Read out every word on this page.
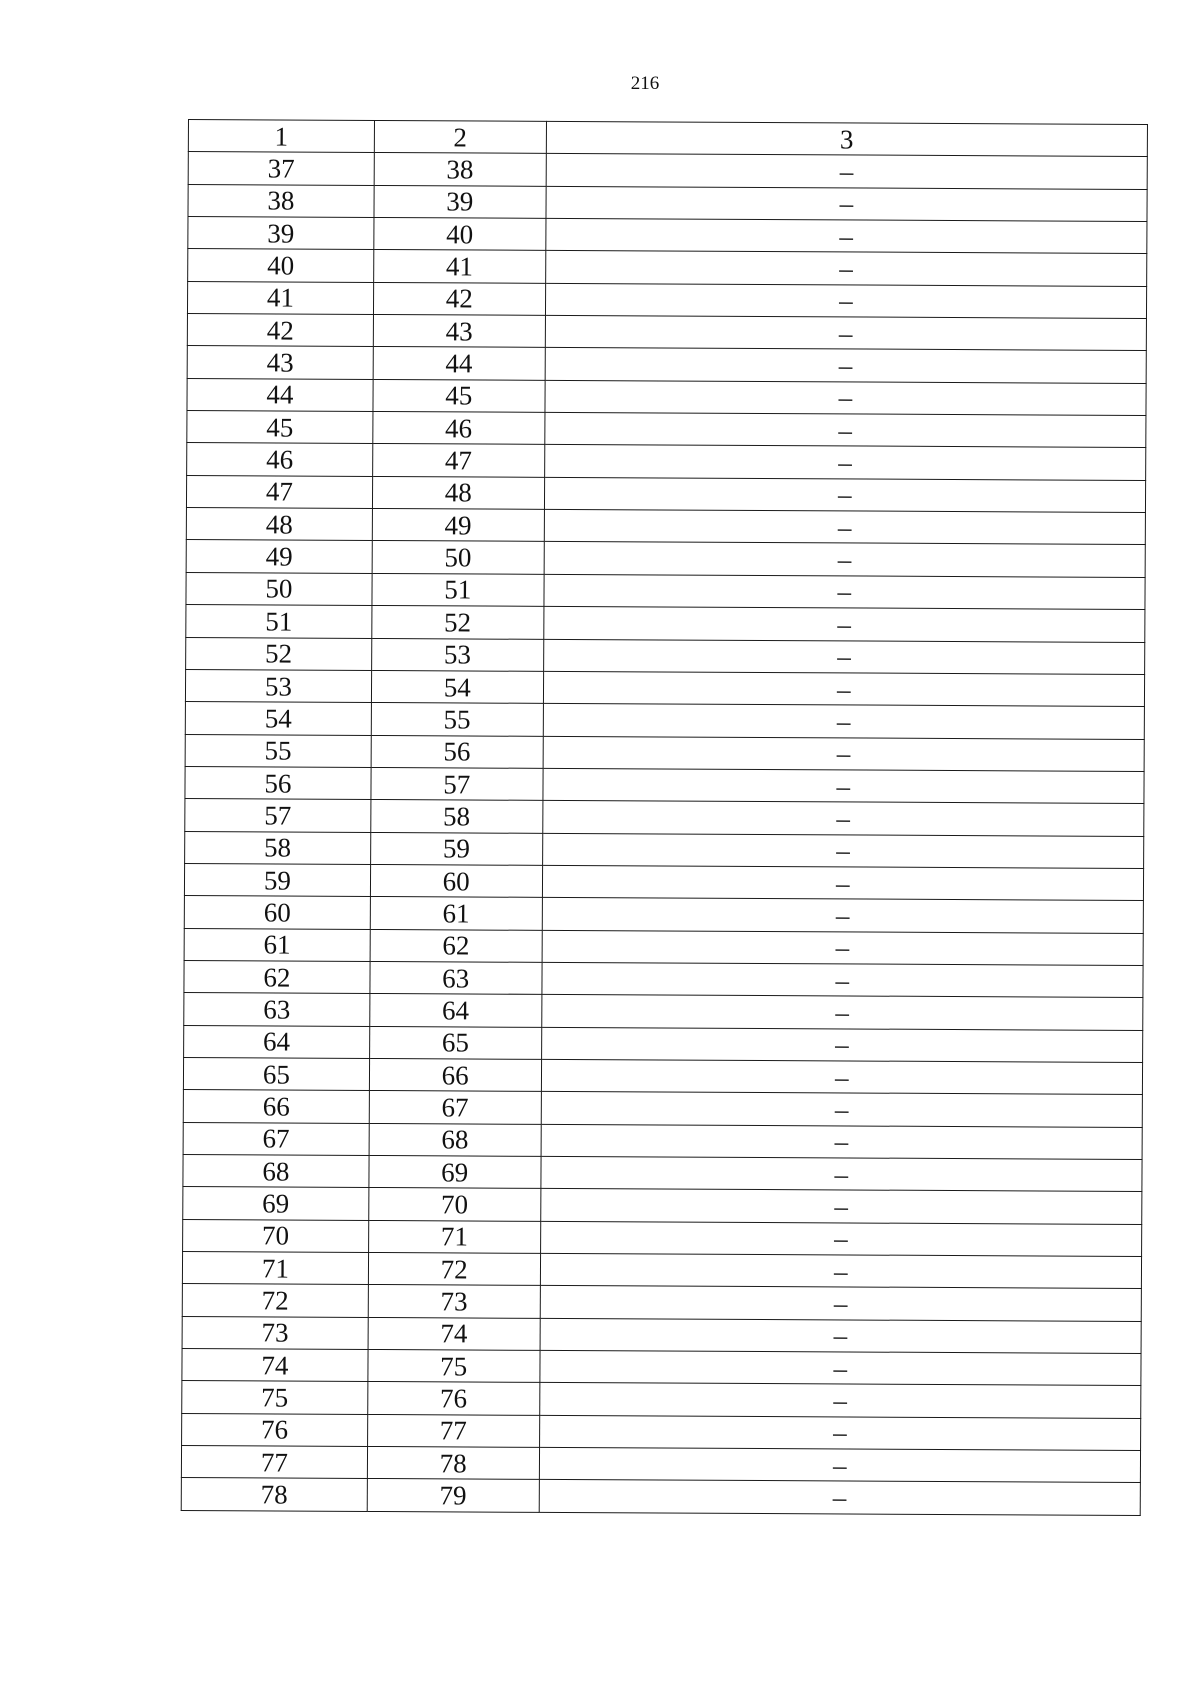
216
1	2	3
37	38	–
38	39	–
39	40	–
40	41	–
41	42	–
42	43	–
43	44	–
44	45	–
45	46	–
46	47	–
47	48	–
48	49	–
49	50	–
50	51	–
51	52	–
52	53	–
53	54	–
54	55	–
55	56	–
56	57	–
57	58	–
58	59	–
59	60	–
60	61	–
61	62	–
62	63	–
63	64	–
64	65	–
65	66	–
66	67	–
67	68	–
68	69	–
69	70	–
70	71	–
71	72	–
72	73	–
73	74	–
74	75	–
75	76	–
76	77	–
77	78	–
78	79	–
